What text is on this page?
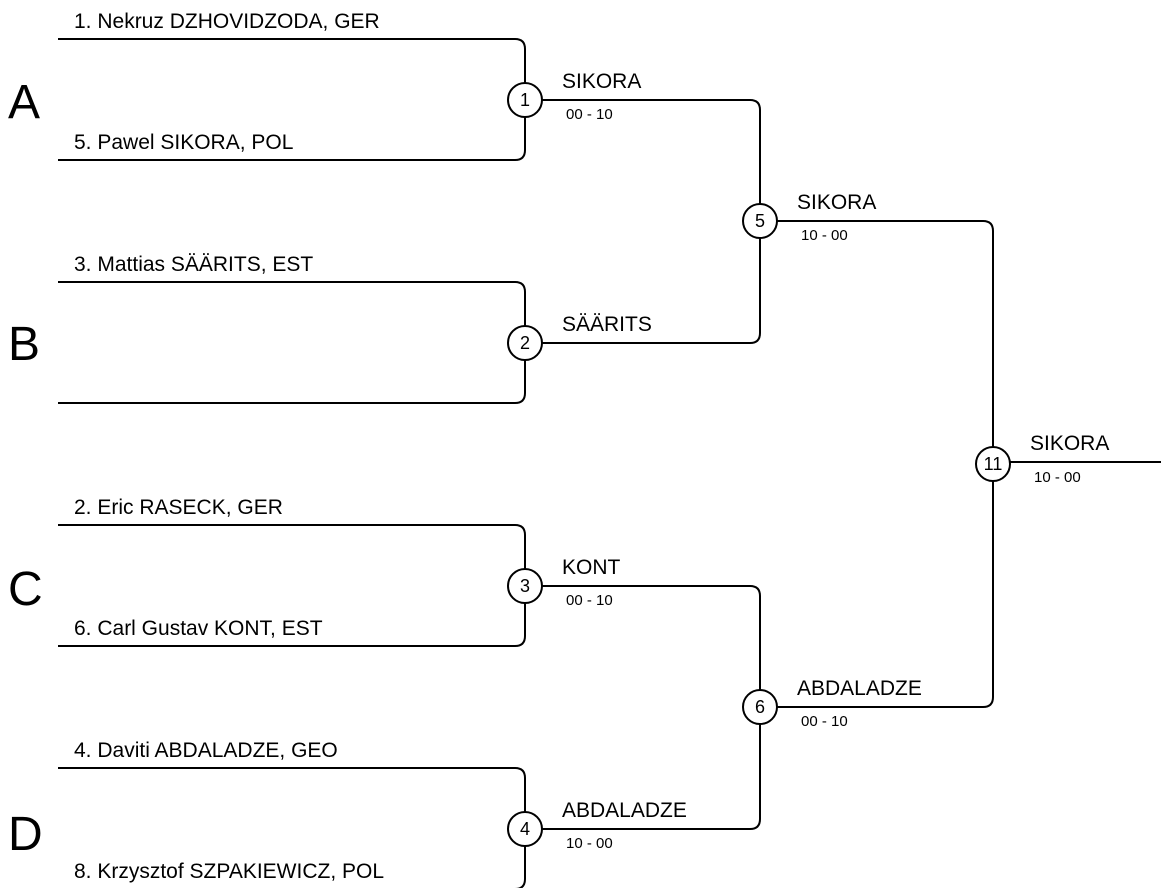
A
B
C
D
1. Nekruz DZHOVIDZODA, GER
5. Pawel SIKORA, POL
3. Mattias SÄÄRITS, EST
2. Eric RASECK, GER
6. Carl Gustav KONT, EST
4. Daviti ABDALADZE, GEO
8. Krzysztof SZPAKIEWICZ, POL
1
SIKORA
00 - 10
2
SÄÄRITS
3
KONT
00 - 10
4
ABDALADZE
10 - 00
5
SIKORA
10 - 00
6
ABDALADZE
00 - 10
11
SIKORA
10 - 00
